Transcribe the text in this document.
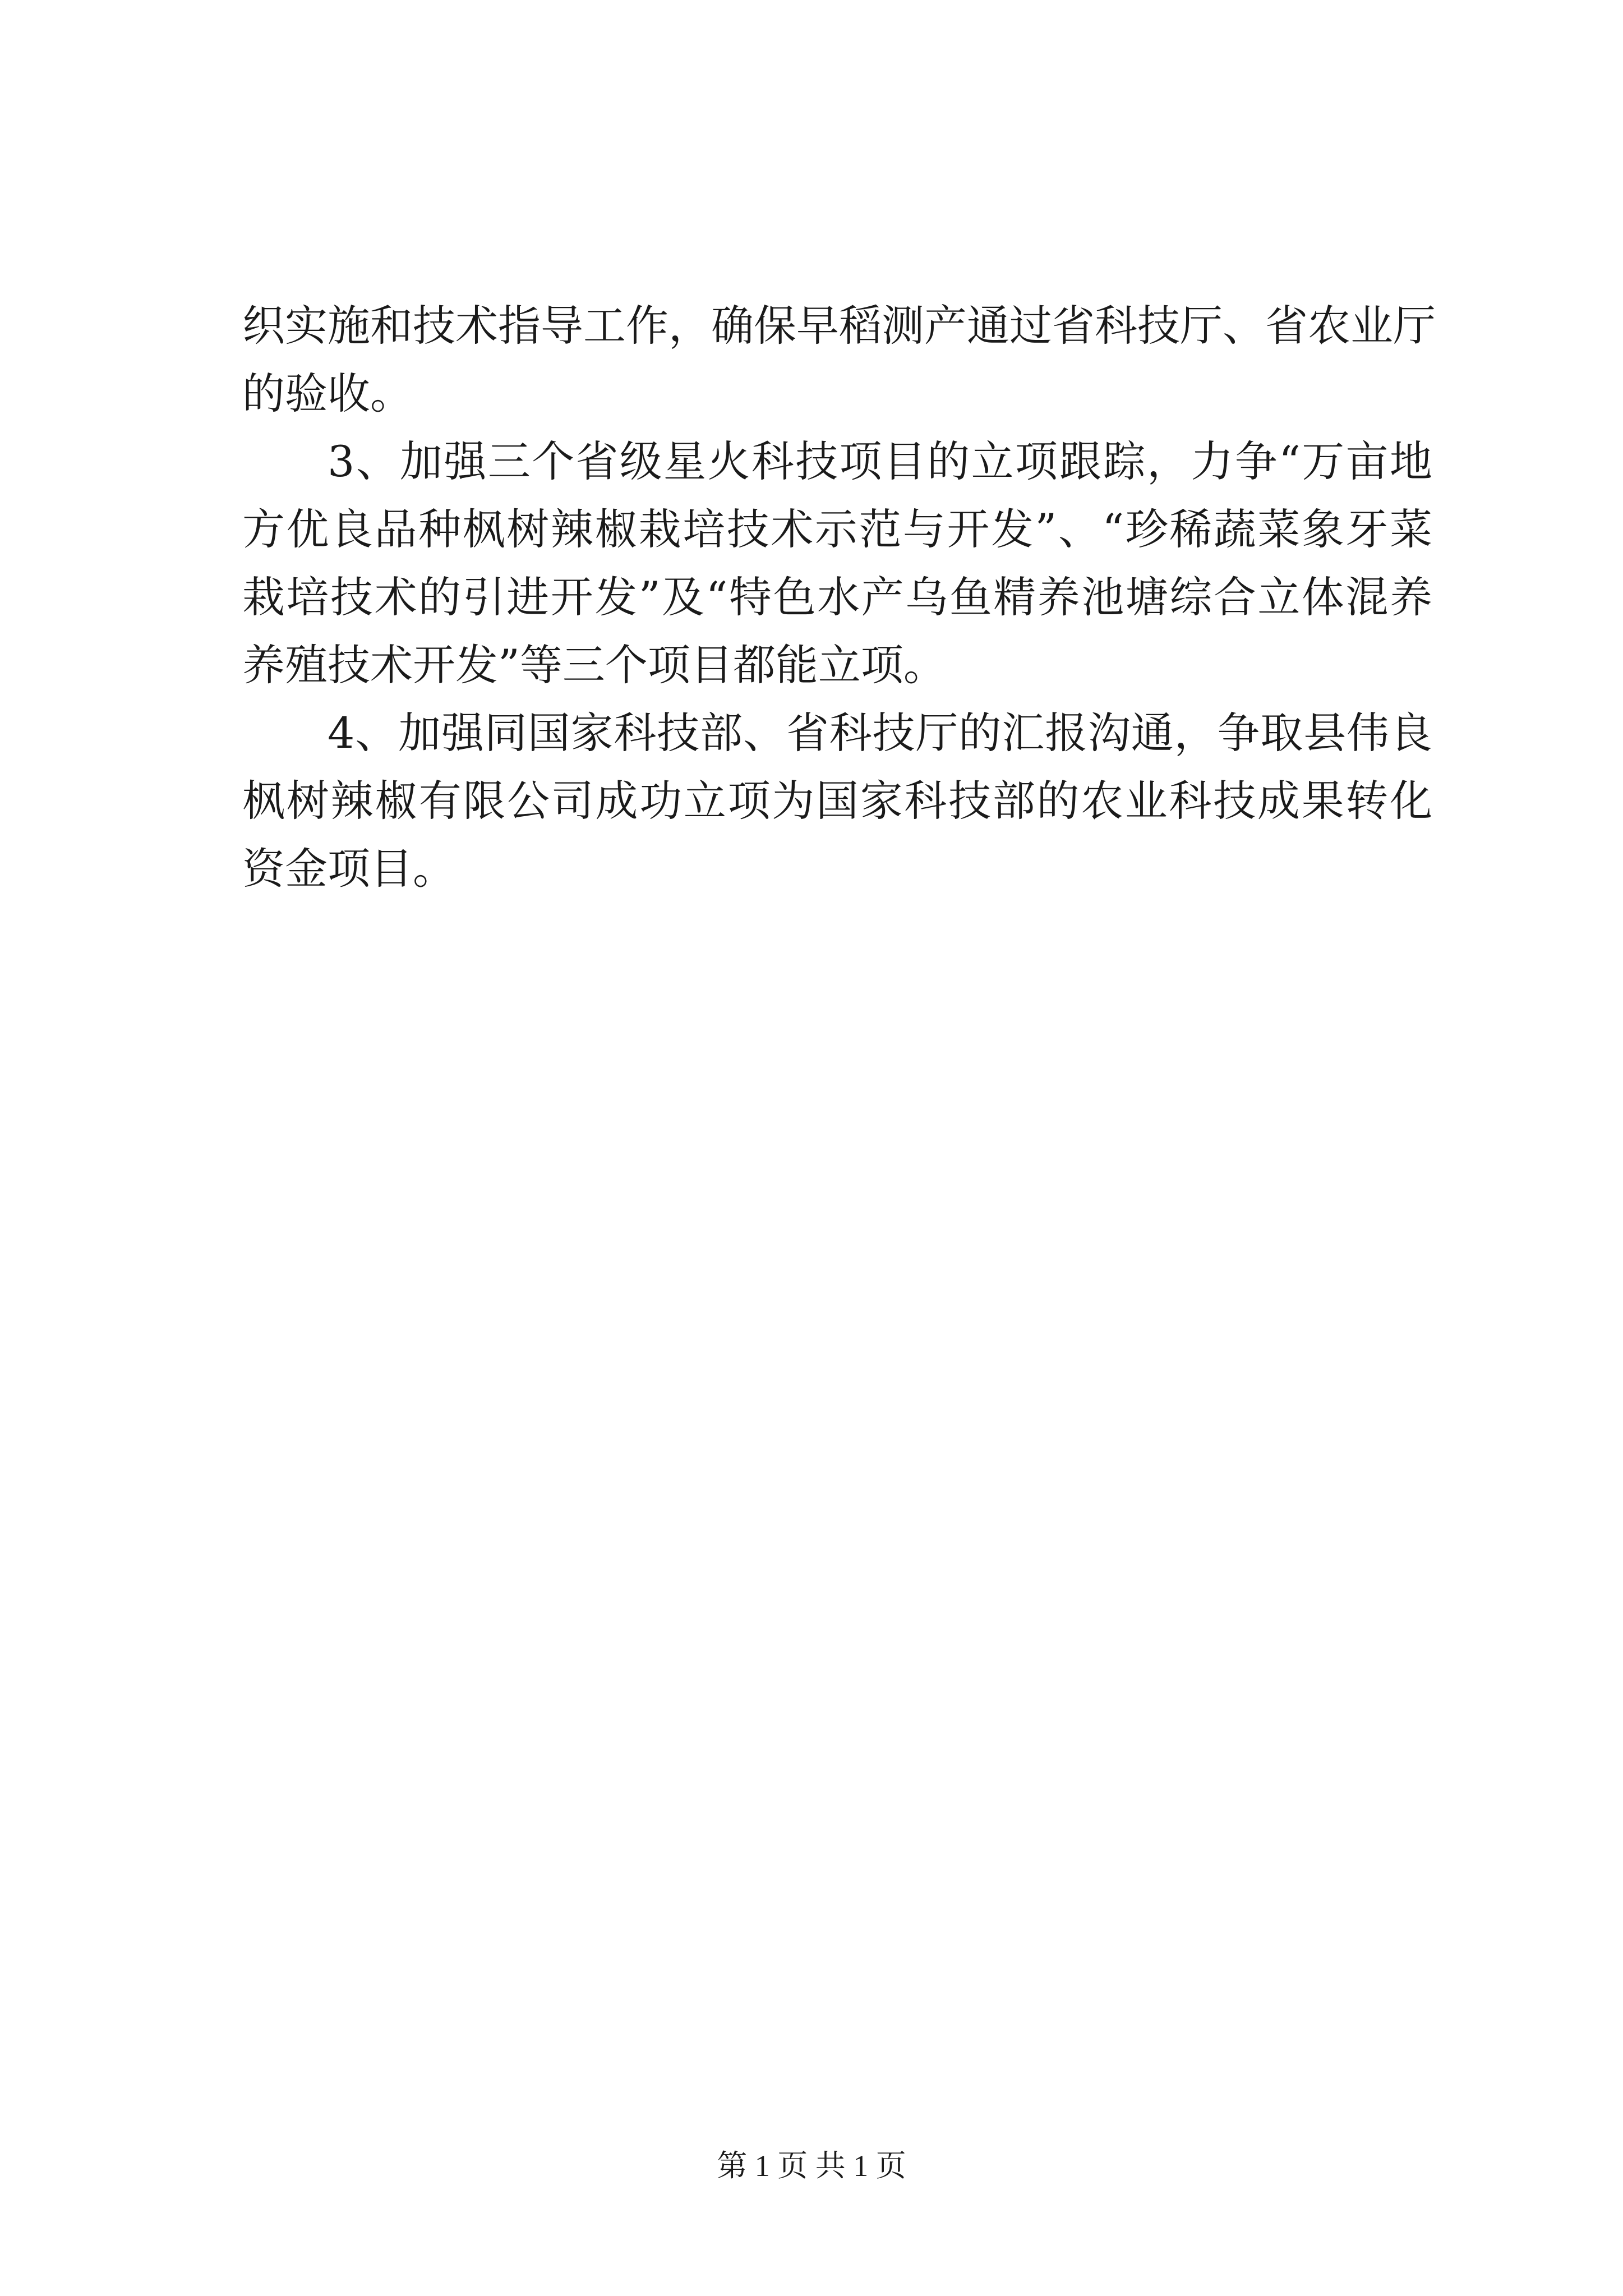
织实施和技术指导工作，确保早稻测产通过省科技厅、省农业厅
的验收。
3、加强三个省级星火科技项目的立项跟踪，力争“万亩地
方优良品种枫树辣椒栽培技术示范与开发”、“珍稀蔬菜象牙菜
栽培技术的引进开发”及“特色水产乌鱼精养池塘综合立体混养
养殖技术开发”等三个项目都能立项。
4、加强同国家科技部、省科技厅的汇报沟通，争取县伟良
枫树辣椒有限公司成功立项为国家科技部的农业科技成果转化
资金项目。
第 1 页 共 1 页
